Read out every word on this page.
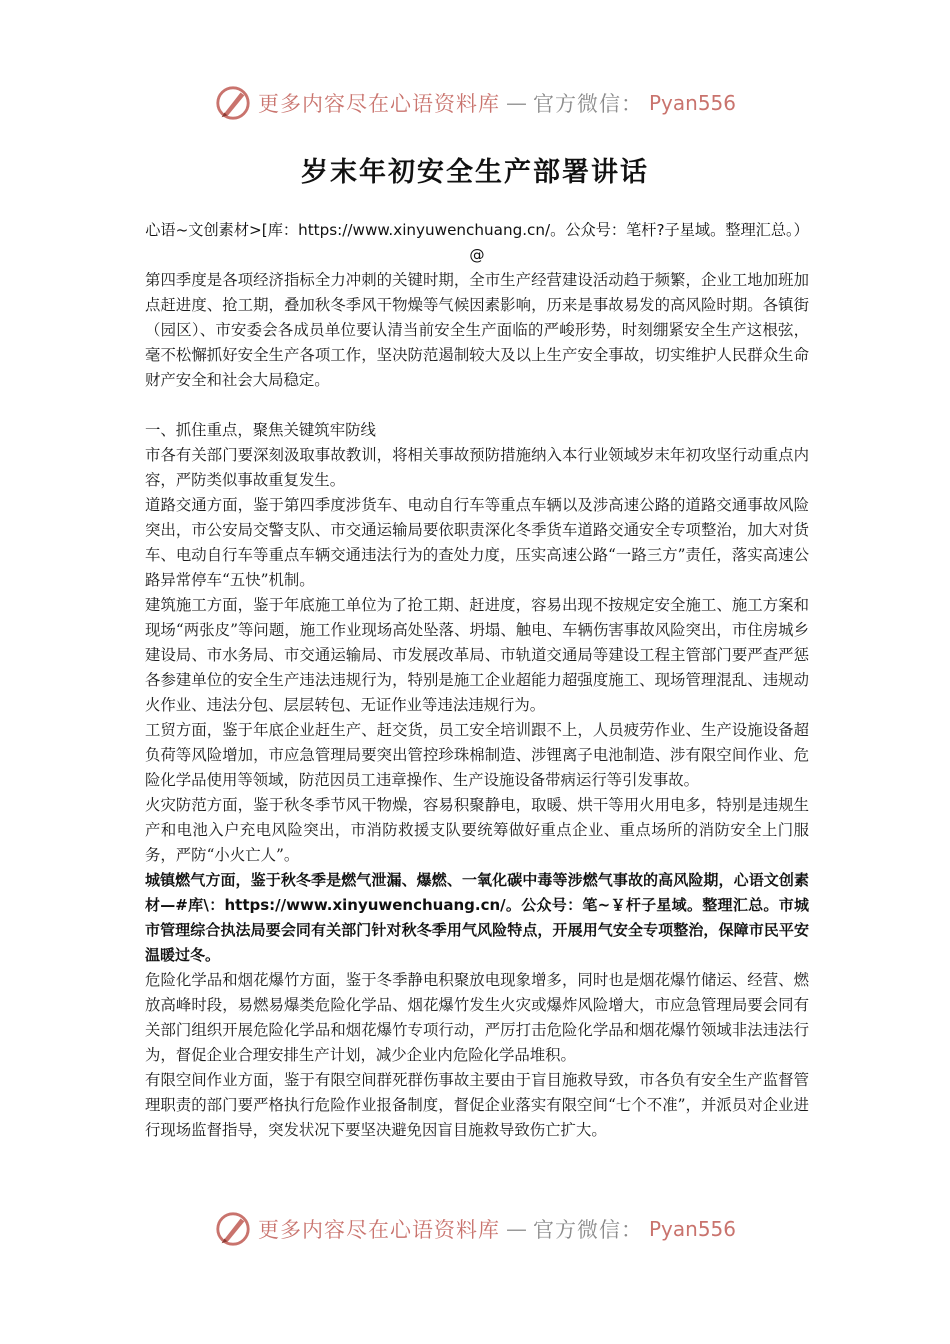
更多内容尽在心语资料库 — 官方微信： Pyan556
岁末年初安全生产部署讲话

心语~文创素材>[库：https://www.xinyuwenchuang.cn/。公众号：笔杆?子星域。整理汇总。）@

第四季度是各项经济指标全力冲刺的关键时期，全市生产经营建设活动趋于频繁，企业工地加班加点赶进度、抢工期，叠加秋冬季风干物燥等气候因素影响，历来是事故易发的高风险时期。各镇街（园区）、市安委会各成员单位要认清当前安全生产面临的严峻形势，时刻绷紧安全生产这根弦，毫不松懈抓好安全生产各项工作，坚决防范遏制较大及以上生产安全事故，切实维护人民群众生命财产安全和社会大局稳定。

一、抓住重点，聚焦关键筑牢防线

市各有关部门要深刻汲取事故教训，将相关事故预防措施纳入本行业领域岁末年初攻坚行动重点内容，严防类似事故重复发生。

道路交通方面，鉴于第四季度涉货车、电动自行车等重点车辆以及涉高速公路的道路交通事故风险突出，市公安局交警支队、市交通运输局要依职责深化冬季货车道路交通安全专项整治，加大对货车、电动自行车等重点车辆交通违法行为的查处力度，压实高速公路“一路三方”责任，落实高速公路异常停车“五快”机制。

建筑施工方面，鉴于年底施工单位为了抢工期、赶进度，容易出现不按规定安全施工、施工方案和现场“两张皮”等问题，施工作业现场高处坠落、坍塌、触电、车辆伤害事故风险突出，市住房城乡建设局、市水务局、市交通运输局、市发展改革局、市轨道交通局等建设工程主管部门要严查严惩各参建单位的安全生产违法违规行为，特别是施工企业超能力超强度施工、现场管理混乱、违规动火作业、违法分包、层层转包、无证作业等违法违规行为。

工贸方面，鉴于年底企业赶生产、赶交货，员工安全培训跟不上，人员疲劳作业、生产设施设备超负荷等风险增加，市应急管理局要突出管控珍珠棉制造、涉锂离子电池制造、涉有限空间作业、危险化学品使用等领域，防范因员工违章操作、生产设施设备带病运行等引发事故。

火灾防范方面，鉴于秋冬季节风干物燥，容易积聚静电，取暖、烘干等用火用电多，特别是违规生产和电池入户充电风险突出，市消防救援支队要统筹做好重点企业、重点场所的消防安全上门服务，严防“小火亡人”。

城镇燃气方面，鉴于秋冬季是燃气泄漏、爆燃、一氧化碳中毒等涉燃气事故的高风险期，心语文创素材—#库\：https://www.xinyuwenchuang.cn/。公众号：笔~￥杆子星域。整理汇总。市城市管理综合执法局要会同有关部门针对秋冬季用气风险特点，开展用气安全专项整治，保障市民平安温暖过冬。

危险化学品和烟花爆竹方面，鉴于冬季静电积聚放电现象增多，同时也是烟花爆竹储运、经营、燃放高峰时段，易燃易爆类危险化学品、烟花爆竹发生火灾或爆炸风险增大，市应急管理局要会同有关部门组织开展危险化学品和烟花爆竹专项行动，严厉打击危险化学品和烟花爆竹领域非法违法行为，督促企业合理安排生产计划，减少企业内危险化学品堆积。

有限空间作业方面，鉴于有限空间群死群伤事故主要由于盲目施救导致，市各负有安全生产监督管理职责的部门要严格执行危险作业报备制度，督促企业落实有限空间“七个不准”，并派员对企业进行现场监督指导，突发状况下要坚决避免因盲目施救导致伤亡扩大。

更多内容尽在心语资料库 — 官方微信： Pyan556
